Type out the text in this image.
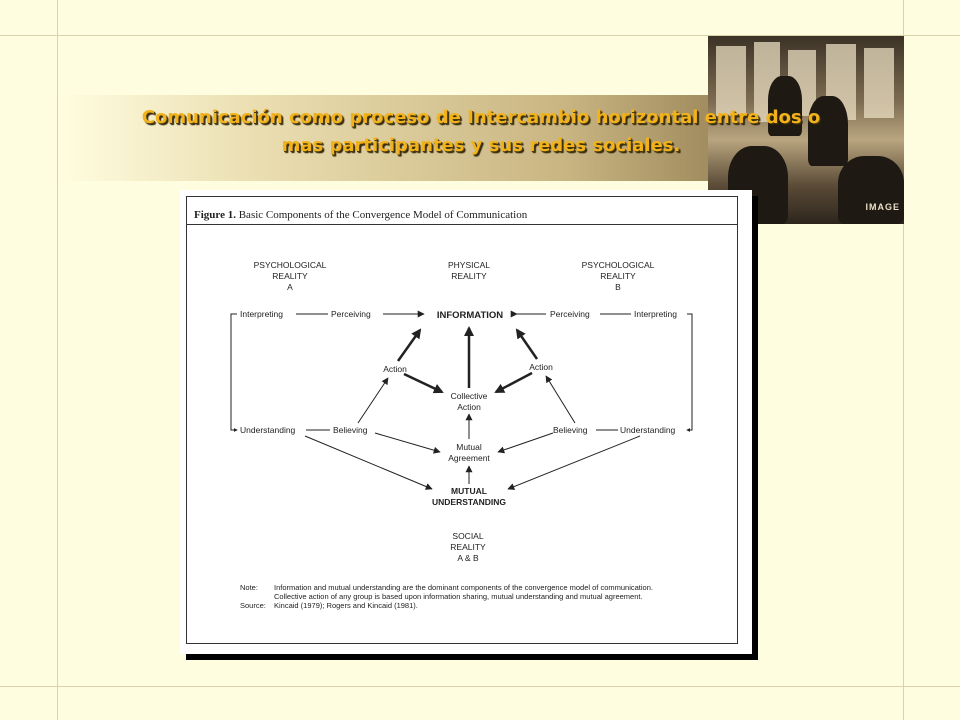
IMAGE
Comunicación como proceso de Intercambio horizontal entre dos o
mas participantes y sus redes sociales.
Figure 1. Basic Components of the Convergence Model of Communication
PSYCHOLOGICAL
REALITY
A
PHYSICAL
REALITY
PSYCHOLOGICAL
REALITY
B
Interpreting	Perceiving	INFORMATION	Perceiving	Interpreting
Action	Action
Collective
Action
Understanding	Believing	Believing	Understanding
Mutual
Agreement
MUTUAL
UNDERSTANDING
SOCIAL
REALITY
A & B
Note: Information and mutual understanding are the dominant components of the convergence model of communication.
Collective action of any group is based upon information sharing, mutual understanding and mutual agreement.
Source: Kincaid (1979); Rogers and Kincaid (1981).
